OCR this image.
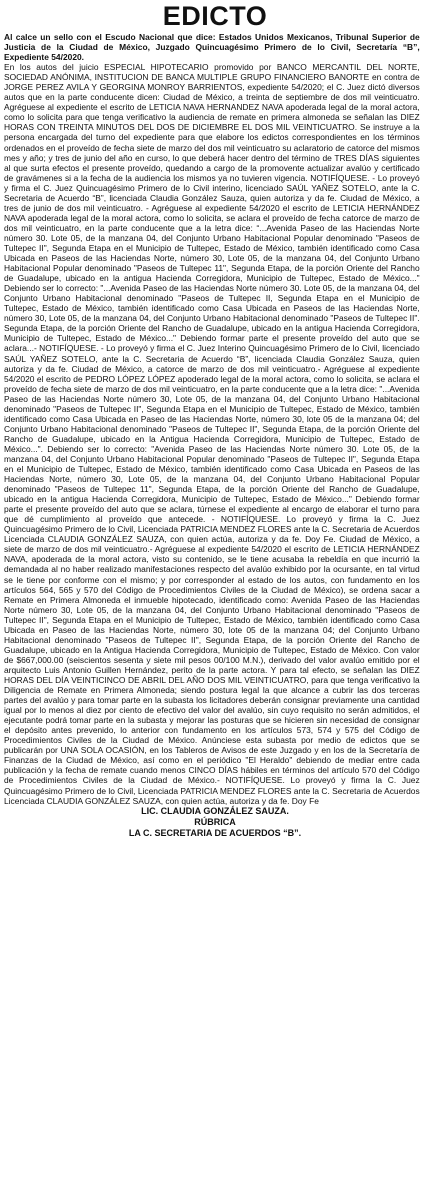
EDICTO

Al calce un sello con el Escudo Nacional que dice: Estados Unidos Mexicanos, Tribunal Superior de Justicia de la Ciudad de México, Juzgado Quincuagésimo Primero de lo Civil, Secretaría “B”, Expediente 54/2020.

En los autos del juicio ESPECIAL HIPOTECARIO promovido por BANCO MERCANTIL DEL NORTE, SOCIEDAD ANÓNIMA, INSTITUCION DE BANCA MULTIPLE GRUPO FINANCIERO BANORTE en contra de JORGE PEREZ AVILA Y GEORGINA MONROY BARRIENTOS, expediente 54/2020; el C. Juez dictó diversos autos que en la parte conducente dicen: Ciudad de México, a treinta de septiembre de dos mil veinticuatro. Agréguese al expediente el escrito de LETICIA NAVA HERNANDEZ NAVA apoderada legal de la moral actora, como lo solicita para que tenga verificativo la audiencia de remate en primera almoneda se señalan las DIEZ HORAS CON TREINTA MINUTOS DEL DOS DE DICIEMBRE EL DOS MIL VEINTICUATRO. Se instruye a la persona encargada del turno del expediente para que elabore los edictos correspondientes en los términos ordenados en el proveído de fecha siete de marzo del dos mil veinticuatro su aclaratorio de catorce del mismos mes y año; y tres de junio del año en curso, lo que deberá hacer dentro del término de TRES DÍAS siguientes al que surta efectos el presente proveído, quedando a cargo de la promovente actualizar avalúo y certificado de gravámenes si a la fecha de la audiencia los mismos ya no tuvieren vigencia. NOTIFÍQUESE. - Lo proveyó y firma el C. Juez Quincuagésimo Primero de lo Civil interino, licenciado SAÚL YAÑEZ SOTELO, ante la C. Secretaria de Acuerdo “B”, licenciada Claudia González Sauza, quien autoriza y da fe. Ciudad de México, a tres de junio de dos mil veinticuatro. - Agréguese al expediente 54/2020 el escrito de LETICIA HERNÁNDEZ NAVA apoderada legal de la moral actora, como lo solicita, se aclara el proveído de fecha catorce de marzo de dos mil veinticuatro, en la parte conducente que a la letra dice: “...Avenida Paseo de las Haciendas Norte número 30. Lote 05, de la manzana 04, del Conjunto Urbano Habitacional Popular denominado "Paseos de Tultepec II", Segunda Etapa en el Municipio de Tultepec, Estado de México, también identificado como Casa Ubicada en Paseos de las Haciendas Norte, número 30, Lote 05, de la manzana 04, del Conjunto Urbano Habitacional Popular denominado "Paseos de Tultepec 11", Segunda Etapa, de la porción Oriente del Rancho de Guadalupe, ubicado en la antigua Hacienda Corregidora, Municipio de Tultepec, Estado de México..." Debiendo ser lo correcto: "...Avenida Paseo de las Haciendas Norte número 30. Lote 05, de la manzana 04, del Conjunto Urbano Habitacional denominado "Paseos de Tultepec II, Segunda Etapa en el Municipio de Tultepec, Estado de México, también identificado como Casa Ubicada en Paseos de las Haciendas Norte, número 30, Lote 05, de la manzana 04, del Conjunto Urbano Habitacional denominado "Paseos de Tultepec II". Segunda Etapa, de la porción Oriente del Rancho de Guadalupe, ubicado en la antigua Hacienda Corregidora, Municipio de Tultepec, Estado de México..." Debiendo formar parte el presente proveído del auto que se aclara...- NOTIFÍQUESE. - Lo proveyó y firma el C. Juez Interino Quincuagésimo Primero de lo Civil, licenciado SAÚL YAÑEZ SOTELO, ante la C. Secretaria de Acuerdo “B”, licenciada Claudia González Sauza, quien autoriza y da fe. Ciudad de México, a catorce de marzo de dos mil veinticuatro.- Agréguese al expediente 54/2020 el escrito de PEDRO LÓPEZ LÓPEZ apoderado legal de la moral actora, como lo solicita, se aclara el proveído de fecha siete de marzo de dos mil veinticuatro, en la parte conducente que a la letra dice: "...Avenida Paseo de las Haciendas Norte número 30, Lote 05, de la manzana 04, del Conjunto Urbano Habitacional denominado "Paseos de Tultepec II", Segunda Etapa en el Municipio de Tultepec, Estado de México, también identificado como Casa Ubicada en Paseo de las Haciendas Norte, número 30, lote 05 de la manzana 04; del Conjunto Urbano Habitacional denominado "Paseos de Tultepec II", Segunda Etapa, de la porción Oriente del Rancho de Guadalupe, ubicado en la Antigua Hacienda Corregidora, Municipio de Tultepec, Estado de México...". Debiendo ser lo correcto: "Avenida Paseo de las Haciendas Norte número 30. Lote 05, de la manzana 04, del Conjunto Urbano Habitacional Popular denominado "Paseos de Tultepec II", Segunda Etapa en el Municipio de Tultepec, Estado de México, también identificado como Casa Ubicada en Paseos de las Haciendas Norte, número 30, Lote 05, de la manzana 04, del Conjunto Urbano Habitacional Popular denominado "Paseos de Tultepec 11", Segunda Etapa, de la porción Oriente del Rancho de Guadalupe, ubicado en la antigua Hacienda Corregidora, Municipio de Tultepec, Estado de México..." Debiendo formar parte el presente proveído del auto que se aclara, túrnese el expediente al encargo de elaborar el turno para que dé cumplimiento al proveído que antecede. - NOTIFÍQUESE. Lo proveyó y firma la C. Juez Quincuagésimo Primero de lo Civil, Licenciada PATRICIA MENDEZ FLORES ante la C. Secretaria de Acuerdos Licenciada CLAUDIA GONZÁLEZ SAUZA, con quien actúa, autoriza y da fe. Doy Fe. Ciudad de México, a siete de marzo de dos mil veinticuatro.- Agréguese al expediente 54/2020 el escrito de LETICIA HERNÁNDEZ NAVA, apoderada de la moral actora, visto su contenido, se le tiene acusaba la rebeldía en que incurrió la demandada al no haber realizado manifestaciones respecto del avalúo exhibido por la ocursante, en tal virtud se le tiene por conforme con el mismo; y por corresponder al estado de los autos, con fundamento en los artículos 564, 565 y 570 del Código de Procedimientos Civiles de la Ciudad de México), se ordena sacar a Remate en Primera Almoneda el inmueble hipotecado, identificado como: Avenida Paseo de las Haciendas Norte número 30, Lote 05, de la manzana 04, del Conjunto Urbano Habitacional denominado "Paseos de Tultepec II", Segunda Etapa en el Municipio de Tultepec, Estado de México, también identificado como Casa Ubicada en Paseo de las Haciendas Norte, número 30, lote 05 de la manzana 04; del Conjunto Urbano Habitacional denominado "Paseos de Tultepec II", Segunda Etapa, de la porción Oriente del Rancho de Guadalupe, ubicado en la Antigua Hacienda Corregidora, Municipio de Tultepec, Estado de México. Con valor de $667,000.00 (seiscientos sesenta y siete mil pesos 00/100 M.N.), derivado del valor avalúo emitido por el arquitecto Luis Antonio Guillen Hernández, perito de la parte actora. Y para tal efecto, se señalan las DIEZ HORAS DEL DÍA VEINTICINCO DE ABRIL DEL AÑO DOS MIL VEINTICUATRO, para que tenga verificativo la Diligencia de Remate en Primera Almoneda; siendo postura legal la que alcance a cubrir las dos terceras partes del avalúo y para tomar parte en la subasta los licitadores deberán consignar previamente una cantidad igual por lo menos al diez por ciento de efectivo del valor del avalúo, sin cuyo requisito no serán admitidos, el ejecutante podrá tomar parte en la subasta y mejorar las posturas que se hicieren sin necesidad de consignar el depósito antes prevenido, lo anterior con fundamento en los artículos 573, 574 y 575 del Código de Procedimientos Civiles de la Ciudad de México. Anúnciese esta subasta por medio de edictos que se publicarán por UNA SOLA OCASIÓN, en los Tableros de Avisos de este Juzgado y en los de la Secretaría de Finanzas de la Ciudad de México, así como en el periódico "El Heraldo" debiendo de mediar entre cada publicación y la fecha de remate cuando menos CINCO DÍAS hábiles en términos del artículo 570 del Código de Procedimientos Civiles de la Ciudad de México.- NOTIFÍQUESE. Lo proveyó y firma la C. Juez Quincuagésimo Primero de lo Civil, Licenciada PATRICIA MENDEZ FLORES ante la C. Secretaria de Acuerdos Licenciada CLAUDIA GONZÁLEZ SAUZA, con quien actúa, autoriza y da fe. Doy Fe

LIC. CLAUDIA GONZÁLEZ SAUZA.

RÚBRICA

LA C. SECRETARIA DE ACUERDOS “B”.
